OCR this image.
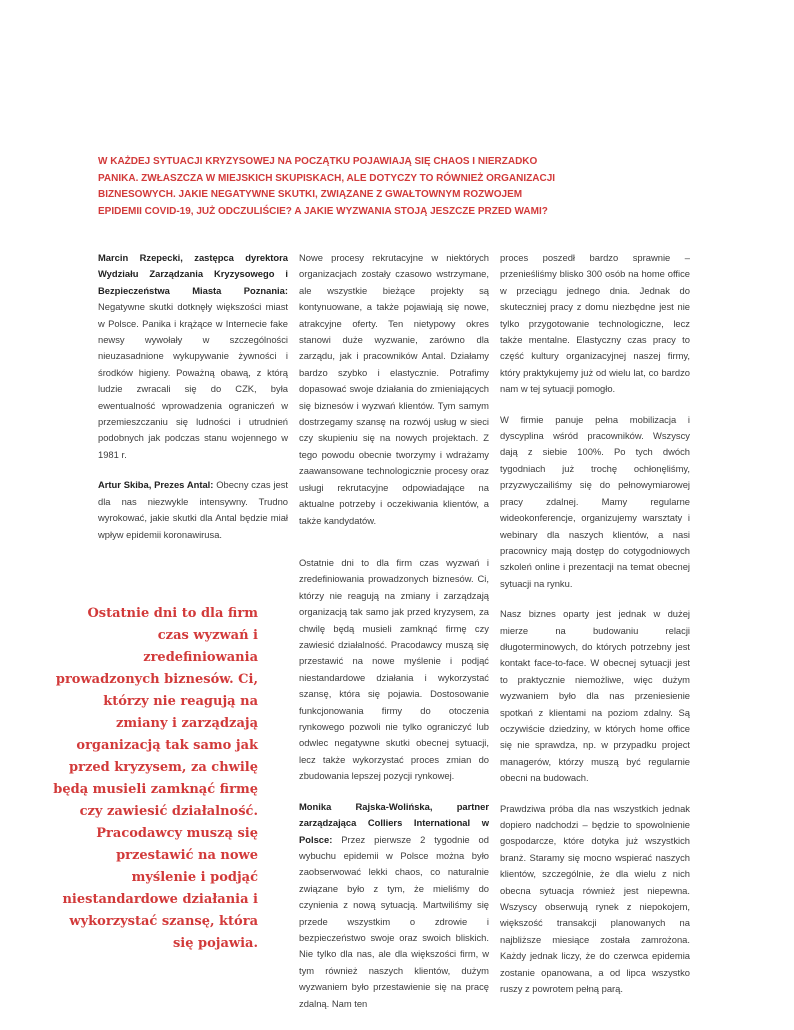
W KAŻDEJ SYTUACJI KRYZYSOWEJ NA POCZĄTKU POJAWIAJĄ SIĘ CHAOS I NIERZADKO PANIKA. ZWŁASZCZA W MIEJSKICH SKUPISKACH, ALE DOTYCZY TO RÓWNIEŻ ORGANIZACJI BIZNESOWYCH. JAKIE NEGATYWNE SKUTKI, ZWIĄZANE Z GWAŁTOWNYM ROZWOJEM EPIDEMII COVID-19, JUŻ ODCZULIŚCIE? A JAKIE WYZWANIA STOJĄ JESZCZE PRZED WAMI?

Marcin Rzepecki, zastępca dyrektora Wydziału Zarządzania Kryzysowego i Bezpieczeństwa Miasta Poznania: Negatywne skutki dotknęły większości miast w Polsce. Panika i krążące w Internecie fake newsy wywołały w szczególności nieuzasadnione wykupywanie żywności i środków higieny. Poważną obawą, z którą ludzie zwracali się do CZK, była ewentualność wprowadzenia ograniczeń w przemieszczaniu się ludności i utrudnień podobnych jak podczas stanu wojennego w 1981 r.

Artur Skiba, Prezes Antal: Obecny czas jest dla nas niezwykle intensywny. Trudno wyrokować, jakie skutki dla Antal będzie miał wpływ epidemii koronawirusa.

Nowe procesy rekrutacyjne w niektórych organizacjach zostały czasowo wstrzymane, ale wszystkie bieżące projekty są kontynuowane, a także pojawiają się nowe, atrakcyjne oferty. Ten nietypowy okres stanowi duże wyzwanie, zarówno dla zarządu, jak i pracowników Antal. Działamy bardzo szybko i elastycznie. Potrafimy dopasować swoje działania do zmieniających się biznesów i wyzwań klientów. Tym samym dostrzegamy szansę na rozwój usług w sieci czy skupieniu się na nowych projektach. Z tego powodu obecnie tworzymy i wdrażamy zaawansowane technologicznie procesy oraz usługi rekrutacyjne odpowiadające na aktualne potrzeby i oczekiwania klientów, a także kandydatów.

Ostatnie dni to dla firm czas wyzwań i zredefiniowania prowadzonych biznesów. Ci, którzy nie reagują na zmiany i zarządzają organizacją tak samo jak przed kryzysem, za chwilę będą musieli zamknąć firmę czy zawiesić działalność. Pracodawcy muszą się przestawić na nowe myślenie i podjąć niestandardowe działania i wykorzystać szansę, która się pojawia. Dostosowanie funkcjonowania firmy do otoczenia rynkowego pozwoli nie tylko ograniczyć lub odwlec negatywne skutki obecnej sytuacji, lecz także wykorzystać proces zmian do zbudowania lepszej pozycji rynkowej.

Monika Rajska-Wolińska, partner zarządzająca Colliers International w Polsce: Przez pierwsze 2 tygodnie od wybuchu epidemii w Polsce można było zaobserwować lekki chaos, co naturalnie związane było z tym, że mieliśmy do czynienia z nową sytuacją. Martwiliśmy się przede wszystkim o zdrowie i bezpieczeństwo swoje oraz swoich bliskich. Nie tylko dla nas, ale dla większości firm, w tym również naszych klientów, dużym wyzwaniem było przestawienie się na pracę zdalną. Nam ten

proces poszedł bardzo sprawnie – przenieśliśmy blisko 300 osób na home office w przeciągu jednego dnia. Jednak do skuteczniej pracy z domu niezbędne jest nie tylko przygotowanie technologiczne, lecz także mentalne. Elastyczny czas pracy to część kultury organizacyjnej naszej firmy, który praktykujemy już od wielu lat, co bardzo nam w tej sytuacji pomogło.

W firmie panuje pełna mobilizacja i dyscyplina wśród pracowników. Wszyscy dają z siebie 100%. Po tych dwóch tygodniach już trochę ochłonęliśmy, przyzwyczailiśmy się do pełnowymiarowej pracy zdalnej. Mamy regularne wideokonferencje, organizujemy warsztaty i webinary dla naszych klientów, a nasi pracownicy mają dostęp do cotygodniowych szkoleń online i prezentacji na temat obecnej sytuacji na rynku.

Nasz biznes oparty jest jednak w dużej mierze na budowaniu relacji długoterminowych, do których potrzebny jest kontakt face-to-face. W obecnej sytuacji jest to praktycznie niemożliwe, więc dużym wyzwaniem było dla nas przeniesienie spotkań z klientami na poziom zdalny. Są oczywiście dziedziny, w których home office się nie sprawdza, np. w przypadku project managerów, którzy muszą być regularnie obecni na budowach.

Prawdziwa próba dla nas wszystkich jednak dopiero nadchodzi – będzie to spowolnienie gospodarcze, które dotyka już wszystkich branż. Staramy się mocno wspierać naszych klientów, szczególnie, że dla wielu z nich obecna sytuacja również jest niepewna. Wszyscy obserwują rynek z niepokojem, większość transakcji planowanych na najbliższe miesiące została zamrożona. Każdy jednak liczy, że do czerwca epidemia zostanie opanowana, a od lipca wszystko ruszy z powrotem pełną parą.

Ostatnie dni to dla firm czas wyzwań i zredefiniowania prowadzonych biznesów. Ci, którzy nie reagują na zmiany i zarządzają organizacją tak samo jak przed kryzysem, za chwilę będą musieli zamknąć firmę czy zawiesić działalność. Pracodawcy muszą się przestawić na nowe myślenie i podjąć niestandardowe działania i wykorzystać szansę, która się pojawia.
